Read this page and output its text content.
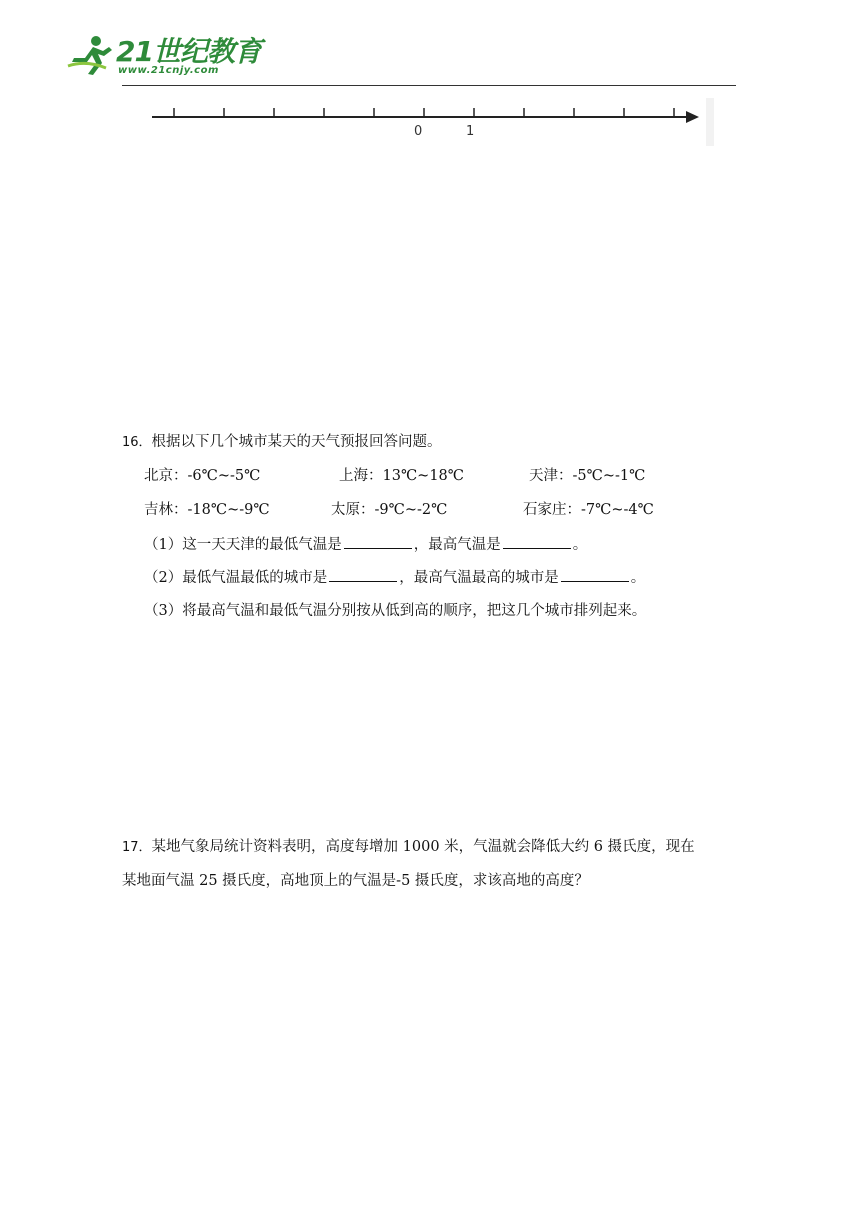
21世纪教育
www.21cnjy.com
0	1
16．根据以下几个城市某天的天气预报回答问题。
北京：-6℃~-5℃	上海：13℃~18℃	天津：-5℃~-1℃
吉林：-18℃~-9℃	太原：-9℃~-2℃	石家庄：-7℃~-4℃
（1）这一天天津的最低气温是	，最高气温是	。
（2）最低气温最低的城市是	，最高气温最高的城市是	。
（3）将最高气温和最低气温分别按从低到高的顺序，把这几个城市排列起来。
17．某地气象局统计资料表明，高度每增加 1000 米，气温就会降低大约 6 摄氏度，现在
某地面气温 25 摄氏度，高地顶上的气温是-5 摄氏度，求该高地的高度？
